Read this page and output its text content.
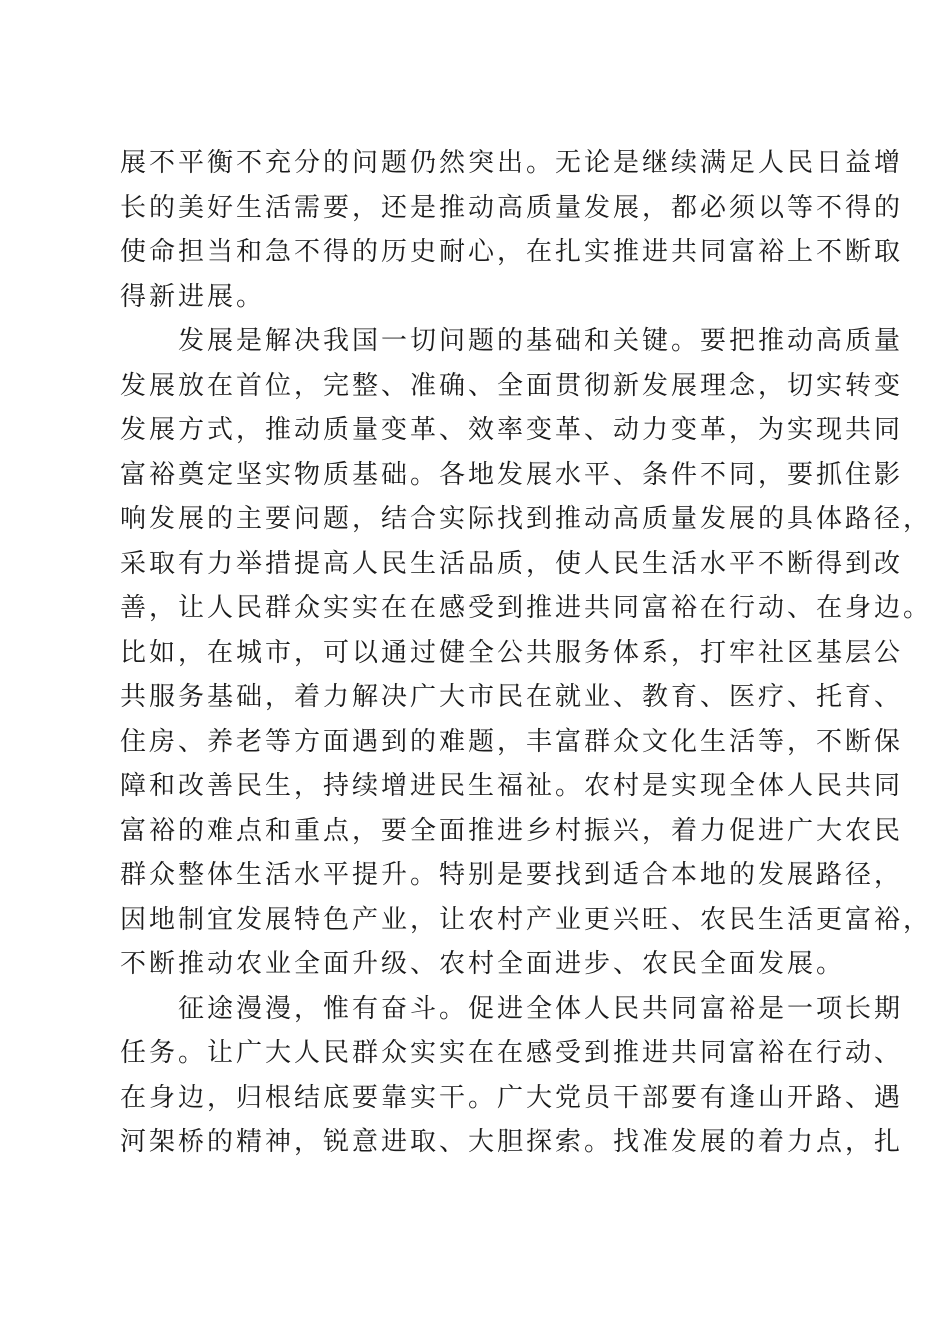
展不平衡不充分的问题仍然突出。无论是继续满足人民日益增
长的美好生活需要，还是推动高质量发展，都必须以等不得的
使命担当和急不得的历史耐心，在扎实推进共同富裕上不断取
得新进展。
发展是解决我国一切问题的基础和关键。要把推动高质量
发展放在首位，完整、准确、全面贯彻新发展理念，切实转变
发展方式，推动质量变革、效率变革、动力变革，为实现共同
富裕奠定坚实物质基础。各地发展水平、条件不同，要抓住影
响发展的主要问题，结合实际找到推动高质量发展的具体路径，
采取有力举措提高人民生活品质，使人民生活水平不断得到改
善，让人民群众实实在在感受到推进共同富裕在行动、在身边。
比如，在城市，可以通过健全公共服务体系，打牢社区基层公
共服务基础，着力解决广大市民在就业、教育、医疗、托育、
住房、养老等方面遇到的难题，丰富群众文化生活等，不断保
障和改善民生，持续增进民生福祉。农村是实现全体人民共同
富裕的难点和重点，要全面推进乡村振兴，着力促进广大农民
群众整体生活水平提升。特别是要找到适合本地的发展路径，
因地制宜发展特色产业，让农村产业更兴旺、农民生活更富裕，
不断推动农业全面升级、农村全面进步、农民全面发展。
征途漫漫，惟有奋斗。促进全体人民共同富裕是一项长期
任务。让广大人民群众实实在在感受到推进共同富裕在行动、
在身边，归根结底要靠实干。广大党员干部要有逢山开路、遇
河架桥的精神，锐意进取、大胆探索。找准发展的着力点，扎
